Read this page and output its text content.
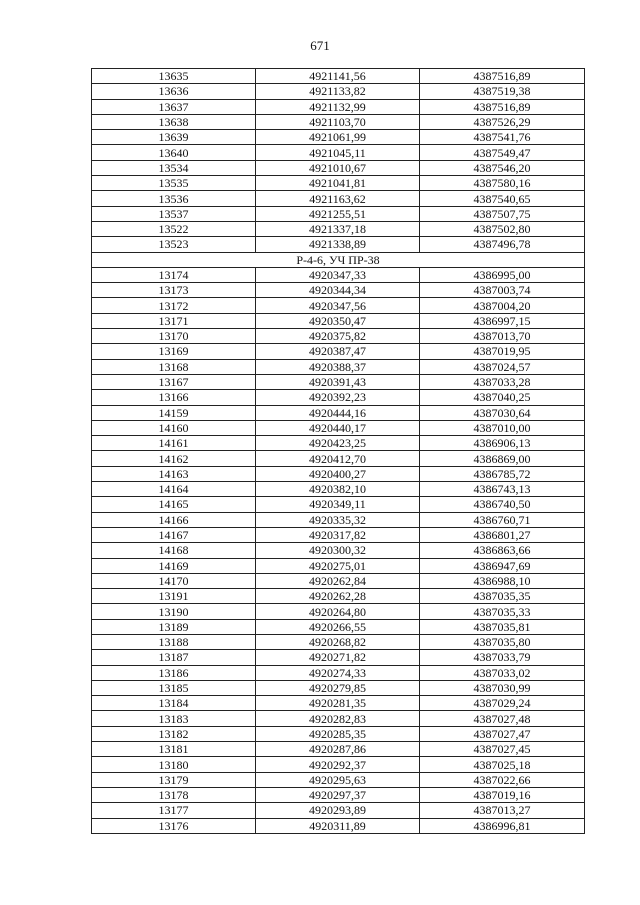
671
13635	4921141,56	4387516,89
13636	4921133,82	4387519,38
13637	4921132,99	4387516,89
13638	4921103,70	4387526,29
13639	4921061,99	4387541,76
13640	4921045,11	4387549,47
13534	4921010,67	4387546,20
13535	4921041,81	4387580,16
13536	4921163,62	4387540,65
13537	4921255,51	4387507,75
13522	4921337,18	4387502,80
13523	4921338,89	4387496,78
Р-4-6, УЧ ПР-38		
13174	4920347,33	4386995,00
13173	4920344,34	4387003,74
13172	4920347,56	4387004,20
13171	4920350,47	4386997,15
13170	4920375,82	4387013,70
13169	4920387,47	4387019,95
13168	4920388,37	4387024,57
13167	4920391,43	4387033,28
13166	4920392,23	4387040,25
14159	4920444,16	4387030,64
14160	4920440,17	4387010,00
14161	4920423,25	4386906,13
14162	4920412,70	4386869,00
14163	4920400,27	4386785,72
14164	4920382,10	4386743,13
14165	4920349,11	4386740,50
14166	4920335,32	4386760,71
14167	4920317,82	4386801,27
14168	4920300,32	4386863,66
14169	4920275,01	4386947,69
14170	4920262,84	4386988,10
13191	4920262,28	4387035,35
13190	4920264,80	4387035,33
13189	4920266,55	4387035,81
13188	4920268,82	4387035,80
13187	4920271,82	4387033,79
13186	4920274,33	4387033,02
13185	4920279,85	4387030,99
13184	4920281,35	4387029,24
13183	4920282,83	4387027,48
13182	4920285,35	4387027,47
13181	4920287,86	4387027,45
13180	4920292,37	4387025,18
13179	4920295,63	4387022,66
13178	4920297,37	4387019,16
13177	4920293,89	4387013,27
13176	4920311,89	4386996,81
